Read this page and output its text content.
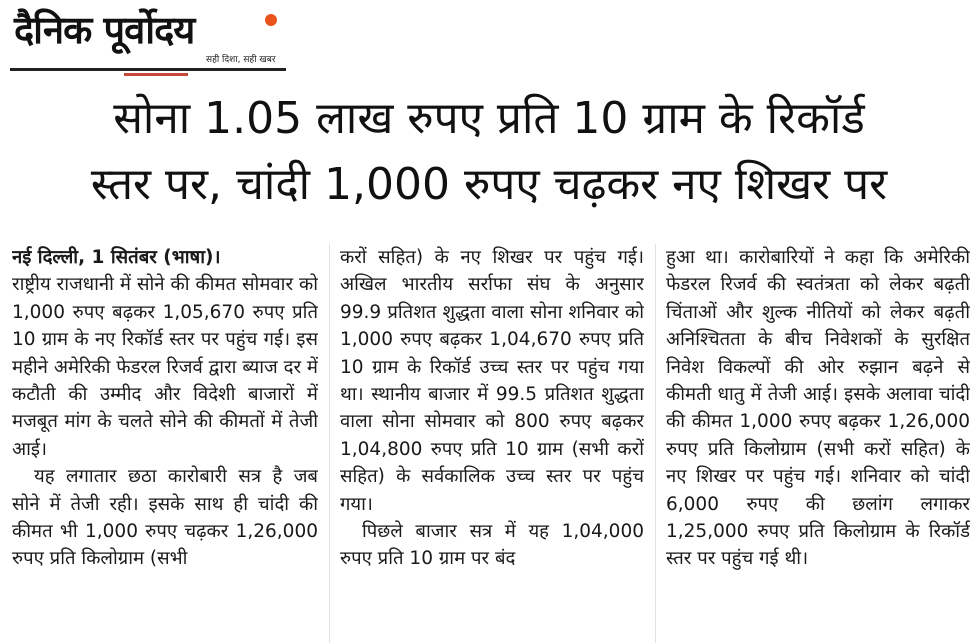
दैनिक पूर्वोदय
सही दिशा, सही खबर
सोना 1.05 लाख रुपए प्रति 10 ग्राम के रिकॉर्ड
स्तर पर, चांदी 1,000 रुपए चढ़कर नए शिखर पर

नई दिल्ली, 1 सितंबर (भाषा)।

राष्ट्रीय राजधानी में सोने की कीमत सोमवार को 1,000 रुपए बढ़कर 1,05,670 रुपए प्रति 10 ग्राम के नए रिकॉर्ड स्तर पर पहुंच गई। इस महीने अमेरिकी फेडरल रिजर्व द्वारा ब्याज दर में कटौती की उम्मीद और विदेशी बाजारों में मजबूत मांग के चलते सोने की कीमतों में तेजी आई।

यह लगातार छठा कारोबारी सत्र है जब सोने में तेजी रही। इसके साथ ही चांदी की कीमत भी 1,000 रुपए चढ़कर 1,26,000 रुपए प्रति किलोग्राम (सभी

करों सहित) के नए शिखर पर पहुंच गई। अखिल भारतीय सर्राफा संघ के अनुसार 99.9 प्रतिशत शुद्धता वाला सोना शनिवार को 1,000 रुपए बढ़कर 1,04,670 रुपए प्रति 10 ग्राम के रिकॉर्ड उच्च स्तर पर पहुंच गया था। स्थानीय बाजार में 99.5 प्रतिशत शुद्धता वाला सोना सोमवार को 800 रुपए बढ़कर 1,04,800 रुपए प्रति 10 ग्राम (सभी करों सहित) के सर्वकालिक उच्च स्तर पर पहुंच गया।

पिछले बाजार सत्र में यह 1,04,000 रुपए प्रति 10 ग्राम पर बंद

हुआ था। कारोबारियों ने कहा कि अमेरिकी फेडरल रिजर्व की स्वतंत्रता को लेकर बढ़ती चिंताओं और शुल्क नीतियों को लेकर बढ़ती अनिश्चितता के बीच निवेशकों के सुरक्षित निवेश विकल्पों की ओर रुझान बढ़ने से कीमती धातु में तेजी आई। इसके अलावा चांदी की कीमत 1,000 रुपए बढ़कर 1,26,000 रुपए प्रति किलोग्राम (सभी करों सहित) के नए शिखर पर पहुंच गई। शनिवार को चांदी 6,000 रुपए की छलांग लगाकर 1,25,000 रुपए प्रति किलोग्राम के रिकॉर्ड स्तर पर पहुंच गई थी।
